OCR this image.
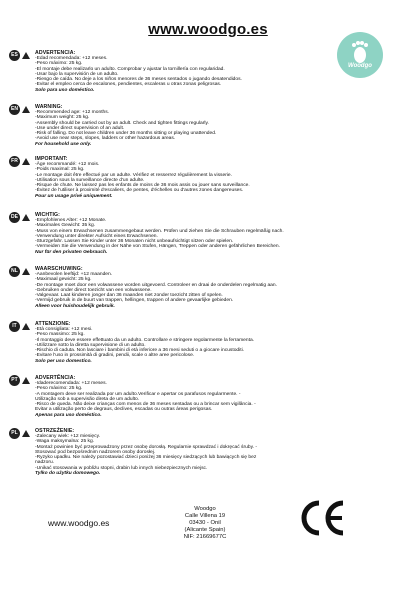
www.woodgo.es
Woodgo
ES	ADVERTENCIA:
-Edad recomendada: +12 meses.
-Peso máximo: 25 kg.
-El montaje debe realizarlo un adulto. Comprobar y ajustar la tornillería con regularidad.
-Usar bajo la supervisión de un adulto.
-Riesgo de caída. No deje a los niños menores de 36 meses sentados o jugando desatendidos.
-Evitar el empleo cerca de escalones, pendientes, escaleras u otras zonas peligrosas.
Solo para uso doméstico.
EN	WARNING:
-Recommended age: +12 months.
-Maximum weight: 25 kg.
-Assembly should be carried out by an adult. Check and tighten fittings regularly.
-Use under direct supervision of an adult.
-Risk of falling. Do not leave children under 36 months sitting or playing unattended.
-Avoid use near steps, slopes, ladders or other hazardous areas.
For household use only.
FR	IMPORTANT:
-Âge recommandé: +12 mois.
-Poids maximal: 25 kg.
-Le montage doit être effectué par un adulte. Vérifiez et resserrez régulièrement la visserie.
-Utilisation sous la surveillance directe d'un adulte.
-Risque de chute. Ne laissez pas les enfants de moins de 36 mois assis ou jouer sans surveillance.
-Évitez de l'utiliser à proximité d'escaliers, de pentes, d'échelles ou d'autres zones dangereuses.
Pour un usage privé uniquement.
DE	WICHTIG:
-Empfohlenes Alter: +12 Monate.
-Maximales Gewicht: 35 kg.
-Muss von einem Erwachsenen zusammengebaut werden. Prüfen und ziehen Sie die Schrauben regelmäßig nach.
-Verwendung unter direkter Aufsicht eines Erwachsenen.
-Sturzgefahr. Lassen Sie Kinder unter 36 Monaten nicht unbeaufsichtigt sitzen oder spielen.
-Vermeiden Sie die Verwendung in der Nähe von Stufen, Hängen, Treppen oder anderen gefährlichen Bereichen.
Nur für den privaten Gebrauch.
NL	WAARSCHUWING:
-Aanbevolen leeftijd: +12 maanden.
-Maximaal gewicht: 25 kg.
-De montage moet door een volwassene worden uitgevoerd. Controleer en draai de onderdelen regelmatig aan.
-Gebruiken onder direct toezicht van een volwassene.
-Valgevaar. Laat kinderen jonger dan 36 maanden niet zonder toezicht zitten of spelen.
-Vermijd gebruik in de buurt van trappen, hellingen, trappen of andere gevaarlijke gebieden.
Alleen voor huishoudelijk gebruik.
IT	ATTENZIONE:
-Età consigliata: +12 mesi.
-Peso massimo: 25 kg.
-Il montaggio deve essere effettuato da un adulto. Controllare e stringere regolarmente la ferramenta.
-Utilizzare sotto la diretta supervisione di un adulto.
-Rischio di caduta. Non lasciare i bambini di età inferiore a 36 mesi seduti o a giocare incustoditi.
-Evitare l'uso in prossimità di gradini, pendii, scale o altre aree pericolose.
Solo per uso domestico.
PT	ADVERTÊNCIA:
-Idaderecomendada: +12 meses.
-Peso máximo: 25 kg.
-A montagem deve ser realizada por um adulto.Verificar e apertar os parafusos regularmente. -
Utilização sob a supervisão direta de um adulto.
-Risco de queda. Não deixe crianças com menos de 36 meses sentadas ou a brincar sem vigilância. -
Evitar a utilização perto de degraus, declives, escadas ou outras áreas perigosas.
Apenas para uso doméstico.
PL	OSTRZEŻENIE:
-Zalecany wiek: +12 miesięcy.
-Waga maksymalna: 25 kg.
-Montaż powinien być przeprowadzony przez osobę dorosłą. Regularnie sprawdzać i dokręcać śruby. -
Stosować pod bezpośrednim nadzorem osoby dorosłej.
-Ryzyko upadku. Nie należy pozostawiać dzieci poniżej 36 miesięcy siedzących lub bawiących się bez
nadzoru.
-Unikać stosowania w pobliżu stopni, drabin lub innych niebezpiecznych miejsc.
Tylko do użytku domowego.
www.woodgo.es
Woodgo
Calle Villena 19
03430 - Onil
(Alicante Spain)
NIF: 21669677C
